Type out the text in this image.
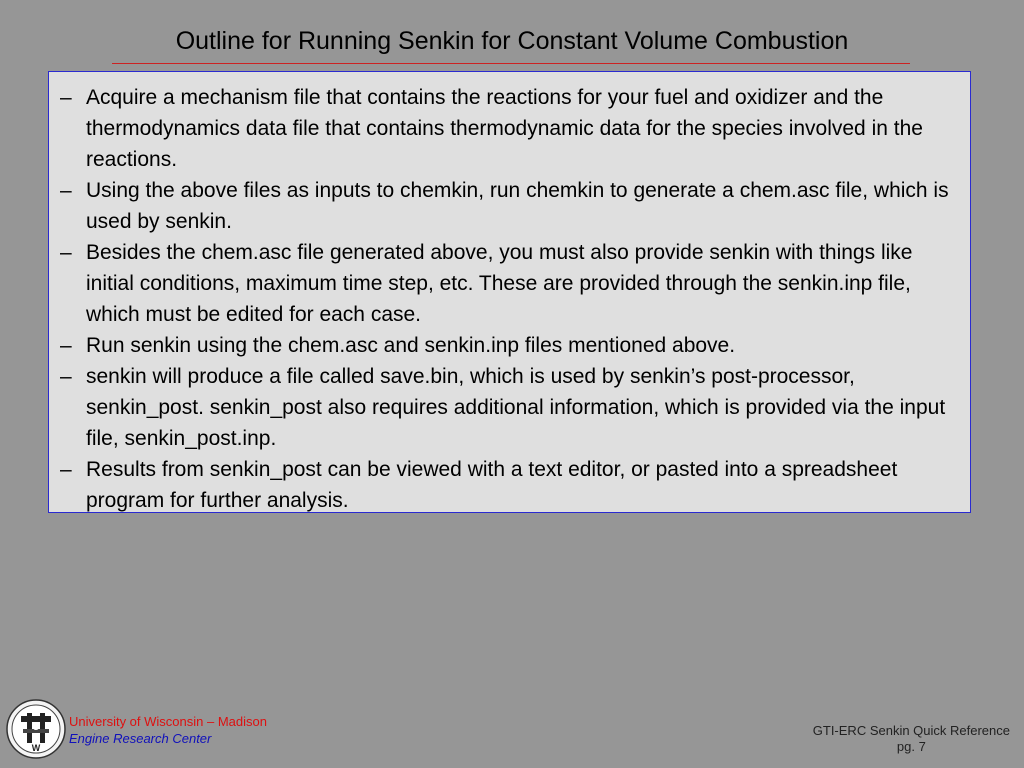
Outline for Running Senkin for Constant Volume Combustion
– Acquire a mechanism file that contains the reactions for your fuel and oxidizer and the thermodynamics data file that contains thermodynamic data for the species involved in the reactions.
– Using the above files as inputs to chemkin, run chemkin to generate a chem.asc file, which is used by senkin.
– Besides the chem.asc file generated above, you must also provide senkin with things like initial conditions, maximum time step, etc. These are provided through the senkin.inp file, which must be edited for each case.
– Run senkin using the chem.asc and senkin.inp files mentioned above.
– senkin will produce a file called save.bin, which is used by senkin’s post-processor, senkin_post. senkin_post also requires additional information, which is provided via the input file, senkin_post.inp.
– Results from senkin_post can be viewed with a text editor, or pasted into a spreadsheet program for further analysis.
U
W
University of Wisconsin – Madison
Engine Research Center
GTI-ERC Senkin Quick Reference
pg. 7
